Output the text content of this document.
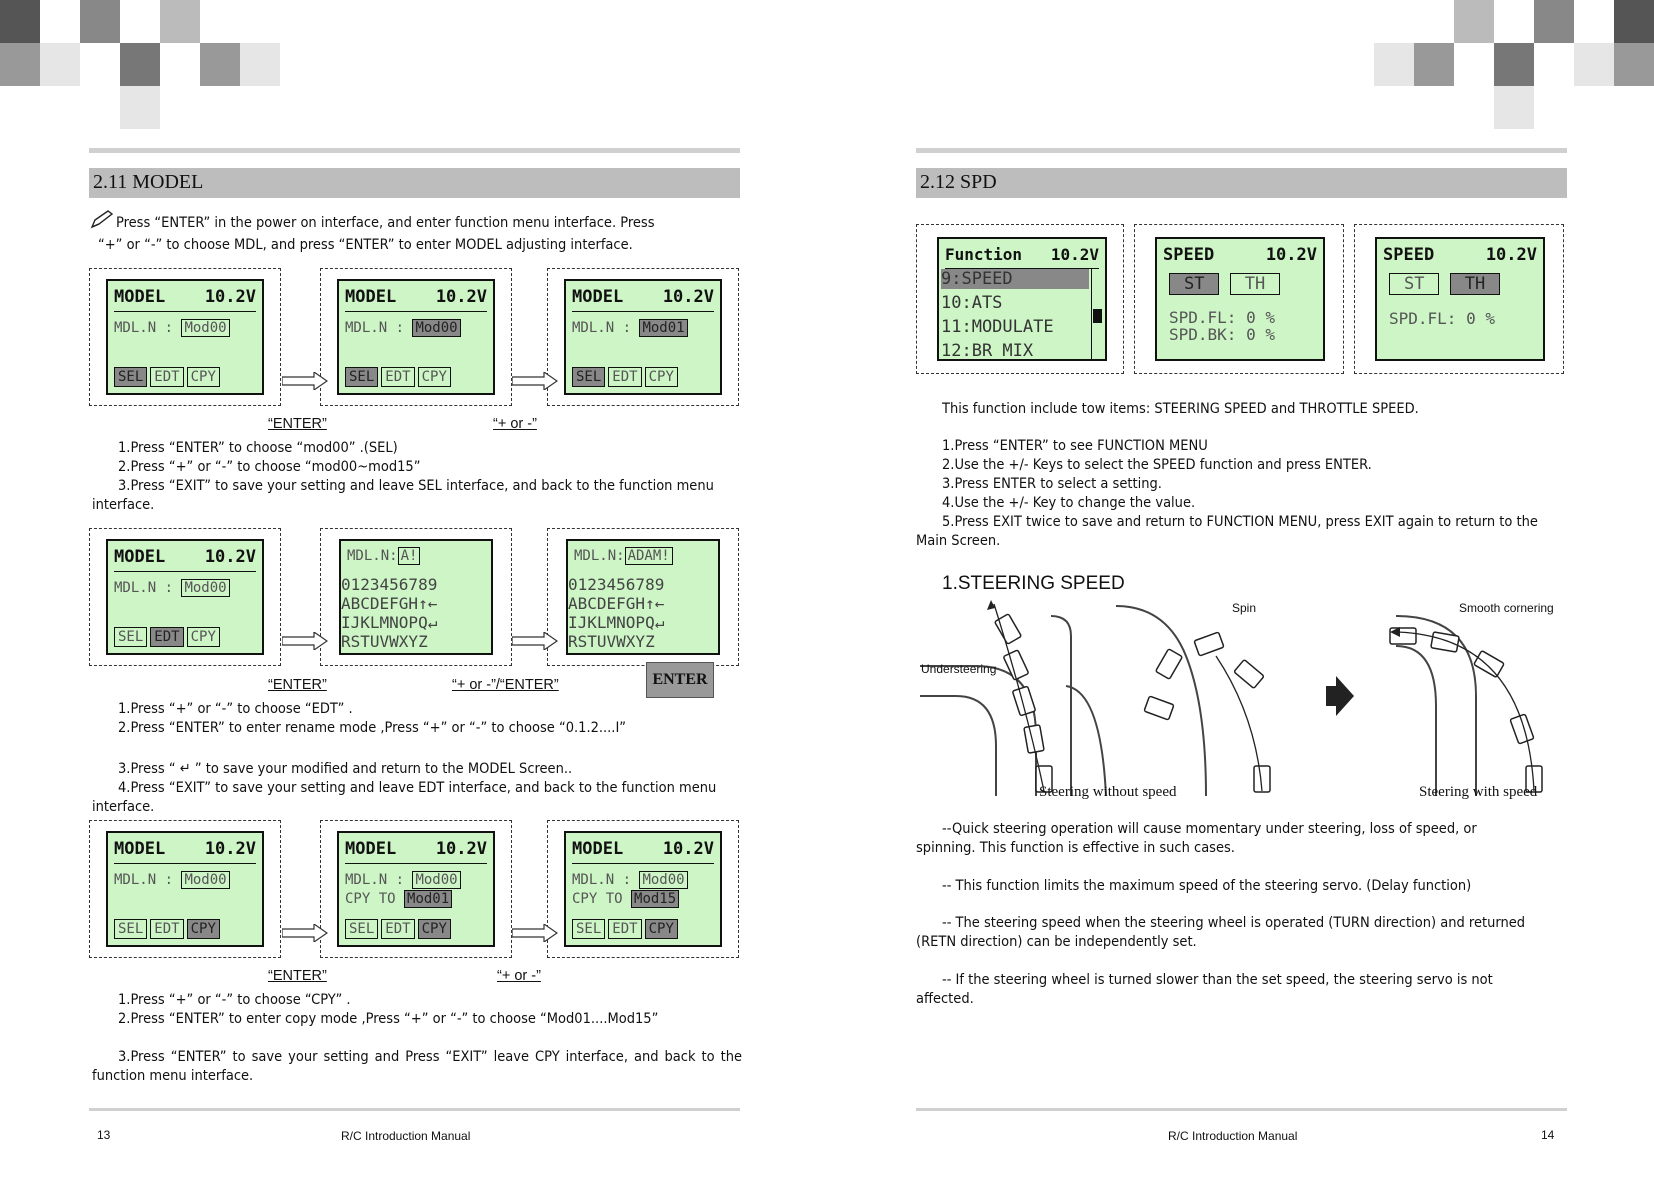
2.11 MODEL
Press “ENTER” in the power on interface, and enter function menu interface. Press
“+” or “-” to choose MDL, and press “ENTER” to enter MODEL adjusting interface.
MODEL 10.2V
MDL.N : Mod00
SEL EDT CPY
MODEL 10.2V
MDL.N : Mod00
SEL EDT CPY
MODEL 10.2V
MDL.N : Mod01
SEL EDT CPY
“ENTER”	“+ or -”
1.Press “ENTER” to choose “mod00” .(SEL)
2.Press “+” or “-” to choose “mod00~mod15”
3.Press “EXIT” to save your setting and leave SEL interface, and back to the function menu interface.
MODEL 10.2V
MDL.N : Mod00
SEL EDT CPY
MDL.N: A!
0123456789
ABCDEFGH↑←
IJKLMNOPQ↵
RSTUVWXYZ
MDL.N: ADAM!
0123456789
ABCDEFGH↑←
IJKLMNOPQ↵
RSTUVWXYZ
ENTER
“ENTER”	“+ or -”/“ENTER”
1.Press “+” or “-” to choose “EDT” .
2.Press “ENTER” to enter rename mode ,Press “+” or “-” to choose “0.1.2....I”
3.Press “ ↵ ” to save your modified and return to the MODEL Screen..
4.Press “EXIT” to save your setting and leave EDT interface, and back to the function menu interface.
MODEL 10.2V
MDL.N : Mod00
SEL EDT CPY
MODEL 10.2V
MDL.N : Mod00
CPY TO Mod01
SEL EDT CPY
MODEL 10.2V
MDL.N : Mod00
CPY TO Mod15
SEL EDT CPY
“ENTER”	“+ or -”
1.Press “+” or “-” to choose “CPY” .
2.Press “ENTER” to enter copy mode ,Press “+” or “-” to choose “Mod01....Mod15”
3.Press “ENTER” to save your setting and Press “EXIT” leave CPY interface, and back to the function menu interface.
13	R/C Introduction Manual
2.12 SPD
Function 10.2V
9:SPEED
10:ATS
11:MODULATE
12:BR_MIX
SPEED	10.2V
ST TH
SPD.FL: 0 %
SPD.BK: 0 %
SPEED	10.2V
ST TH
SPD.FL: 0 %
This function include tow items: STEERING SPEED and THROTTLE SPEED.
1.Press “ENTER” to see FUNCTION MENU
2.Use the +/- Keys to select the SPEED function and press ENTER.
3.Press ENTER to select a setting.
4.Use the +/- Key to change the value.
5.Press EXIT twice to save and return to FUNCTION MENU, press EXIT again to return to the Main Screen.
1.STEERING SPEED
Understeering
Spin	Smooth cornering
Steering without speed	Steering with speed
--Quick steering operation will cause momentary under steering, loss of speed, or spinning. This function is effective in such cases.
-- This function limits the maximum speed of the steering servo. (Delay function)
-- The steering speed when the steering wheel is operated (TURN direction) and returned (RETN direction) can be independently set.
-- If the steering wheel is turned slower than the set speed, the steering servo is not affected.
R/C Introduction Manual	14
